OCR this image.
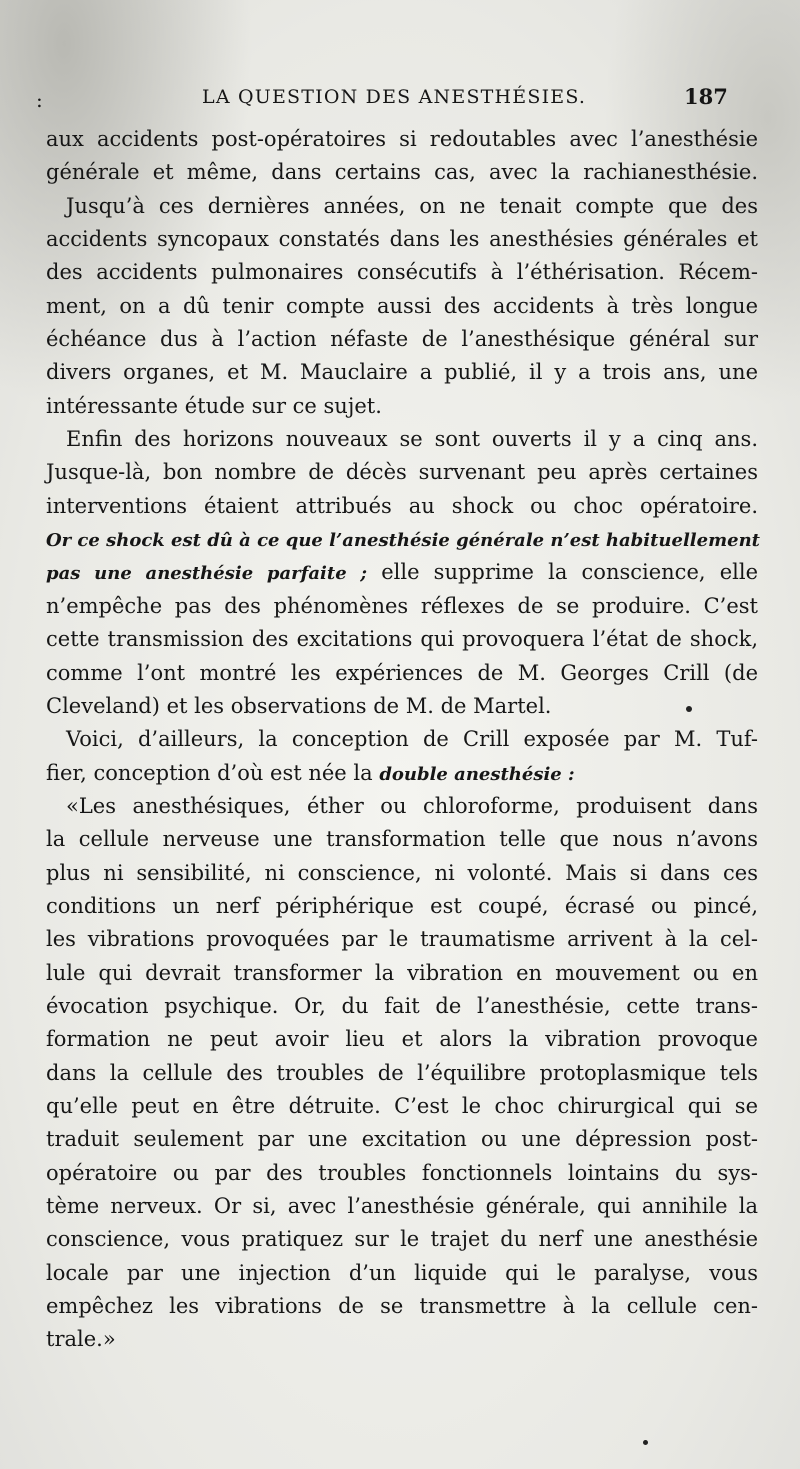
:	LA QUESTION DES ANESTHÉSIES.	187
aux accidents post-opératoires si redoutables avec l’anesthésie
générale et même, dans certains cas, avec la rachianesthésie.
Jusqu’à ces dernières années, on ne tenait compte que des
accidents syncopaux constatés dans les anesthésies générales et
des accidents pulmonaires consécutifs à l’éthérisation. Récem-
ment, on a dû tenir compte aussi des accidents à très longue
échéance dus à l’action néfaste de l’anesthésique général sur
divers organes, et M. Mauclaire a publié, il y a trois ans, une
intéressante étude sur ce sujet.
Enfin des horizons nouveaux se sont ouverts il y a cinq ans.
Jusque-là, bon nombre de décès survenant peu après certaines
interventions étaient attribués au shock ou choc opératoire.
Or ce shock est dû à ce que l’anesthésie générale n’est habituellement
pas une anesthésie parfaite ; elle supprime la conscience, elle
n’empêche pas des phénomènes réflexes de se produire. C’est
cette transmission des excitations qui provoquera l’état de shock,
comme l’ont montré les expériences de M. Georges Crill (de
Cleveland) et les observations de M. de Martel.
Voici, d’ailleurs, la conception de Crill exposée par M. Tuf-
fier, conception d’où est née la double anesthésie :
«Les anesthésiques, éther ou chloroforme, produisent dans
la cellule nerveuse une transformation telle que nous n’avons
plus ni sensibilité, ni conscience, ni volonté. Mais si dans ces
conditions un nerf périphérique est coupé, écrasé ou pincé,
les vibrations provoquées par le traumatisme arrivent à la cel-
lule qui devrait transformer la vibration en mouvement ou en
évocation psychique. Or, du fait de l’anesthésie, cette trans-
formation ne peut avoir lieu et alors la vibration provoque
dans la cellule des troubles de l’équilibre protoplasmique tels
qu’elle peut en être détruite. C’est le choc chirurgical qui se
traduit seulement par une excitation ou une dépression post-
opératoire ou par des troubles fonctionnels lointains du sys-
tème nerveux. Or si, avec l’anesthésie générale, qui annihile la
conscience, vous pratiquez sur le trajet du nerf une anesthésie
locale par une injection d’un liquide qui le paralyse, vous
empêchez les vibrations de se transmettre à la cellule cen-
trale.»
